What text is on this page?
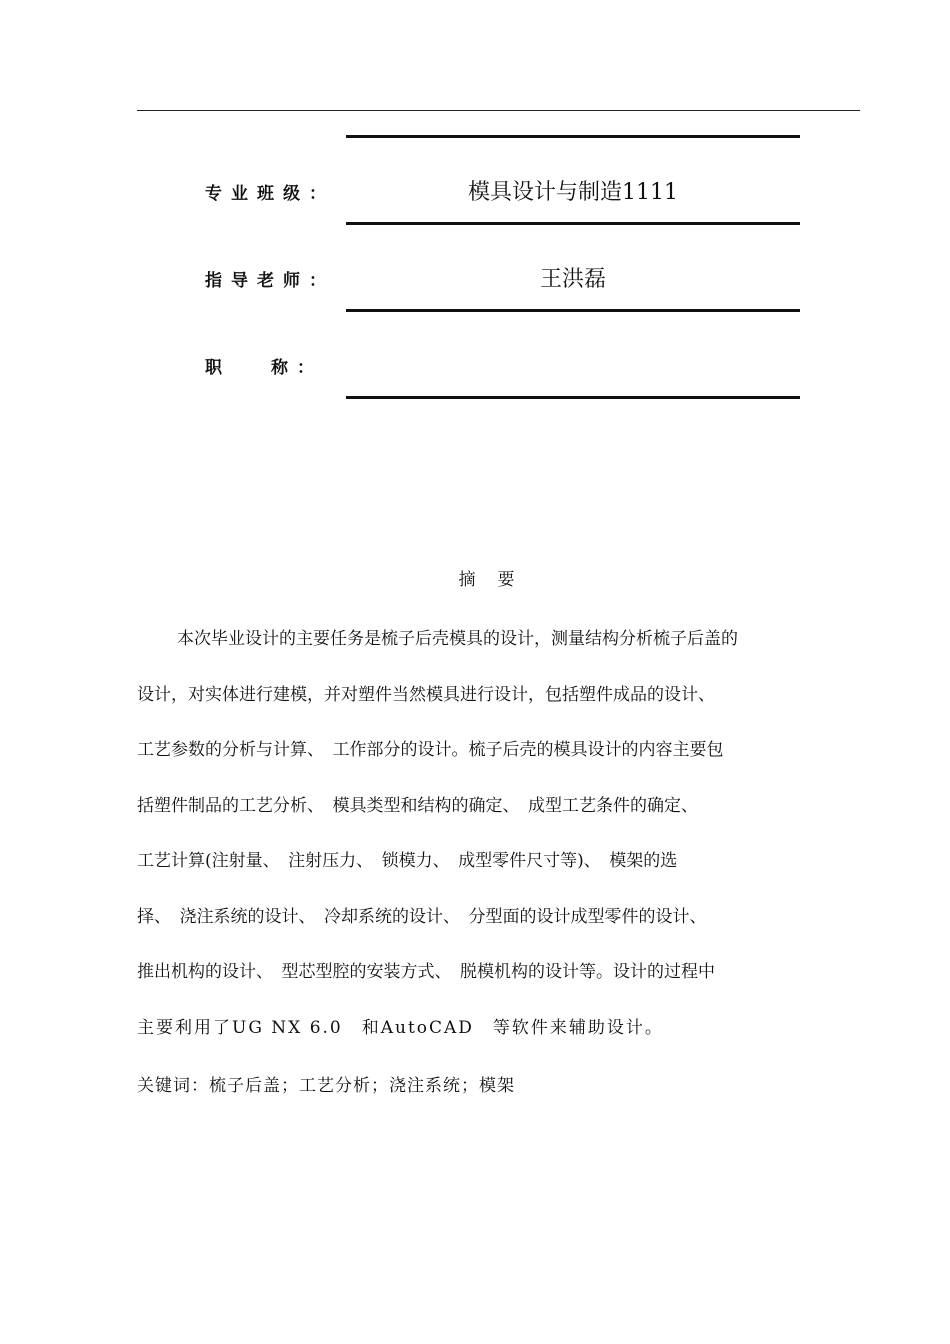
专业班级：	模具设计与制造1111
指导老师：	王洪磊
职	称：
摘要
本次毕业设计的主要任务是梳子后壳模具的设计，测量结构分析梳子后盖的
设计，对实体进行建模，并对塑件当然模具进行设计，包括塑件成品的设计、
工艺参数的分析与计算、　工作部分的设计。梳子后壳的模具设计的内容主要包
括塑件制品的工艺分析、　模具类型和结构的确定、　成型工艺条件的确定、
工艺计算(注射量、　注射压力、　锁模力、　成型零件尺寸等)、　模架的选
择、　浇注系统的设计、　冷却系统的设计、　分型面的设计成型零件的设计、
推出机构的设计、　型芯型腔的安装方式、　脱模机构的设计等。设计的过程中
主要利用了UG NX 6.0　和AutoCAD　等软件来辅助设计。
关键词：梳子后盖；工艺分析；浇注系统；模架
